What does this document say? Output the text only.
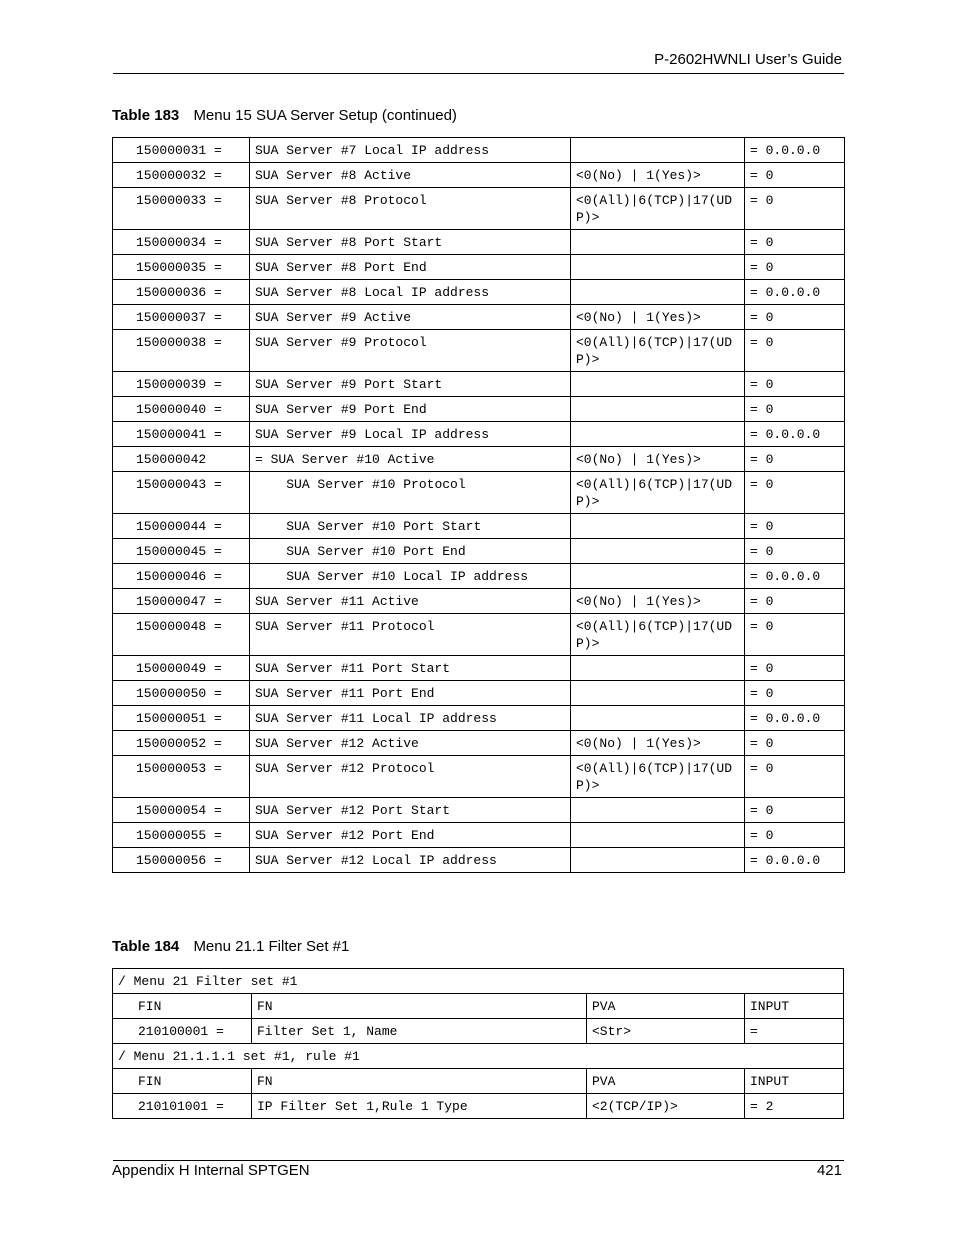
P-2602HWNLI User’s Guide
Table 183 Menu 15 SUA Server Setup (continued)
150000031 =	SUA Server #7 Local IP address		= 0.0.0.0
150000032 =	SUA Server #8 Active	<0(No) | 1(Yes)>	= 0
150000033 =	SUA Server #8 Protocol	<0(All)|6(TCP)|17(UDP)>	= 0
150000034 =	SUA Server #8 Port Start		= 0
150000035 =	SUA Server #8 Port End		= 0
150000036 =	SUA Server #8 Local IP address		= 0.0.0.0
150000037 =	SUA Server #9 Active	<0(No) | 1(Yes)>	= 0
150000038 =	SUA Server #9 Protocol	<0(All)|6(TCP)|17(UDP)>	= 0
150000039 =	SUA Server #9 Port Start		= 0
150000040 =	SUA Server #9 Port End		= 0
150000041 =	SUA Server #9 Local IP address		= 0.0.0.0
150000042	= SUA Server #10 Active	<0(No) | 1(Yes)>	= 0
150000043 =	SUA Server #10 Protocol	<0(All)|6(TCP)|17(UDP)>	= 0
150000044 =	SUA Server #10 Port Start		= 0
150000045 =	SUA Server #10 Port End		= 0
150000046 =	SUA Server #10 Local IP address		= 0.0.0.0
150000047 =	SUA Server #11 Active	<0(No) | 1(Yes)>	= 0
150000048 =	SUA Server #11 Protocol	<0(All)|6(TCP)|17(UDP)>	= 0
150000049 =	SUA Server #11 Port Start		= 0
150000050 =	SUA Server #11 Port End		= 0
150000051 =	SUA Server #11 Local IP address		= 0.0.0.0
150000052 =	SUA Server #12 Active	<0(No) | 1(Yes)>	= 0
150000053 =	SUA Server #12 Protocol	<0(All)|6(TCP)|17(UDP)>	= 0
150000054 =	SUA Server #12 Port Start		= 0
150000055 =	SUA Server #12 Port End		= 0
150000056 =	SUA Server #12 Local IP address		= 0.0.0.0
Table 184 Menu 21.1 Filter Set #1
/ Menu 21 Filter set #1			
FIN	FN	PVA	INPUT
210100001 =	Filter Set 1, Name	<Str>	=
/ Menu 21.1.1.1 set #1, rule #1			
FIN	FN	PVA	INPUT
210101001 =	IP Filter Set 1,Rule 1 Type	<2(TCP/IP)>	= 2
Appendix H Internal SPTGEN	421
